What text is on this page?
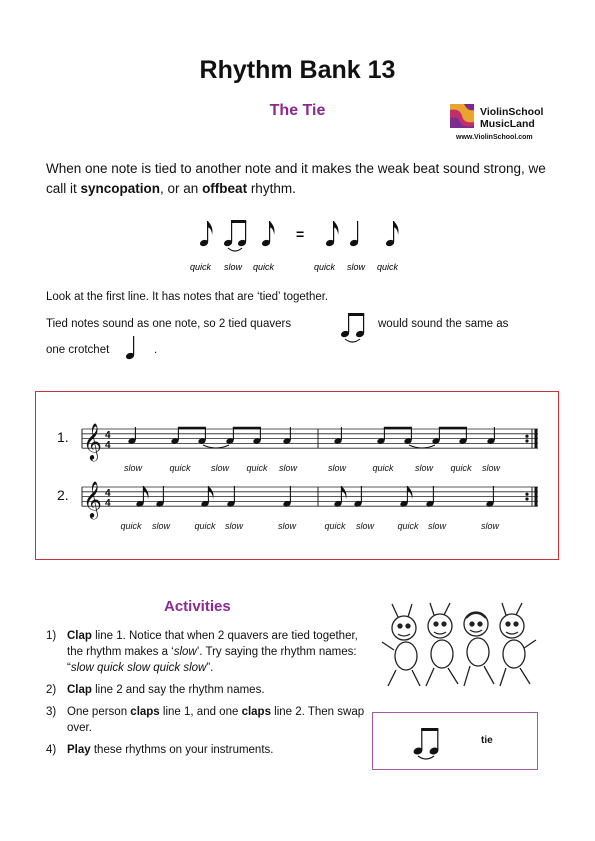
Rhythm Bank 13
The Tie	ViolinSchool
MusicLand
www.ViolinSchool.com
When one note is tied to another note and it makes the weak beat sound strong, we call it syncopation, or an offbeat rhythm.
=
quick slow quick	quick slow quick
Look at the first line. It has notes that are ‘tied’ together.
Tied notes sound as one note, so 2 tied quavers	would sound the same as
one crotchet	.
𝄞 4
4
1.
slow	quick slow quick slow	slow	quick slow quick slow
𝄞 4
4
2.
quick slow	quick slow	slow	quick slow	quick slow	slow
Activities
1) Clap line 1. Notice that when 2 quavers are tied together, the rhythm makes a ‘slow’. Try saying the rhythm names: “slow quick slow quick slow”.
2) Clap line 2 and say the rhythm names.
3) One person claps line 1, and one claps line 2. Then swap over.
4) Play these rhythms on your instruments.
tie
